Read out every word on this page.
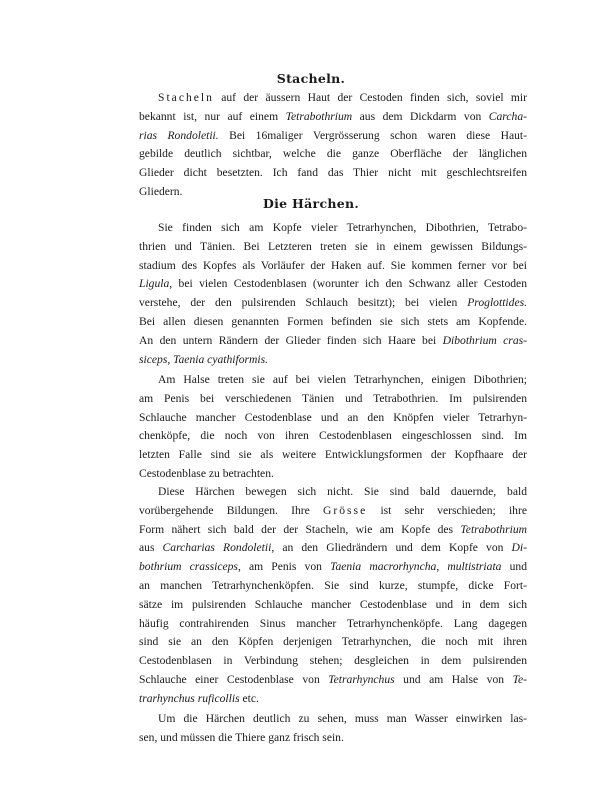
Stacheln.
Die Härchen.
Stacheln auf der äussern Haut der Cestoden finden sich, soviel mir
bekannt ist, nur auf einem Tetrabothrium aus dem Dickdarm von Carcha-
rias Rondoletii. Bei 16maliger Vergrösserung schon waren diese Haut-
gebilde deutlich sichtbar, welche die ganze Oberfläche der länglichen
Glieder dicht besetzten. Ich fand das Thier nicht mit geschlechtsreifen
Gliedern.
Sie finden sich am Kopfe vieler Tetrarhynchen, Dibothrien, Tetrabo-
thrien und Tänien. Bei Letzteren treten sie in einem gewissen Bildungs-
stadium des Kopfes als Vorläufer der Haken auf. Sie kommen ferner vor bei
Ligula, bei vielen Cestodenblasen (worunter ich den Schwanz aller Cestoden
verstehe, der den pulsirenden Schlauch besitzt); bei vielen Proglottides.
Bei allen diesen genannten Formen befinden sie sich stets am Kopfende.
An den untern Rändern der Glieder finden sich Haare bei Dibothrium cras-
siceps, Taenia cyathiformis.
Am Halse treten sie auf bei vielen Tetrarhynchen, einigen Dibothrien;
am Penis bei verschiedenen Tänien und Tetrabothrien. Im pulsirenden
Schlauche mancher Cestodenblase und an den Knöpfen vieler Tetrarhyn-
chenköpfe, die noch von ihren Cestodenblasen eingeschlossen sind. Im
letzten Falle sind sie als weitere Entwicklungsformen der Kopfhaare der
Cestodenblase zu betrachten.
Diese Härchen bewegen sich nicht. Sie sind bald dauernde, bald
vorübergehende Bildungen. Ihre Grösse ist sehr verschieden; ihre
Form nähert sich bald der der Stacheln, wie am Kopfe des Tetrabothrium
aus Carcharias Rondoletii, an den Gliedrändern und dem Kopfe von Di-
bothrium crassiceps, am Penis von Taenia macrorhyncha, multistriata und
an manchen Tetrarhynchenköpfen. Sie sind kurze, stumpfe, dicke Fort-
sätze im pulsirenden Schlauche mancher Cestodenblase und in dem sich
häufig contrahirenden Sinus mancher Tetrarhynchenköpfe. Lang dagegen
sind sie an den Köpfen derjenigen Tetrarhynchen, die noch mit ihren
Cestodenblasen in Verbindung stehen; desgleichen in dem pulsirenden
Schlauche einer Cestodenblase von Tetrarhynchus und am Halse von Te-
trarhynchus ruficollis etc.
Um die Härchen deutlich zu sehen, muss man Wasser einwirken las-
sen, und müssen die Thiere ganz frisch sein.
